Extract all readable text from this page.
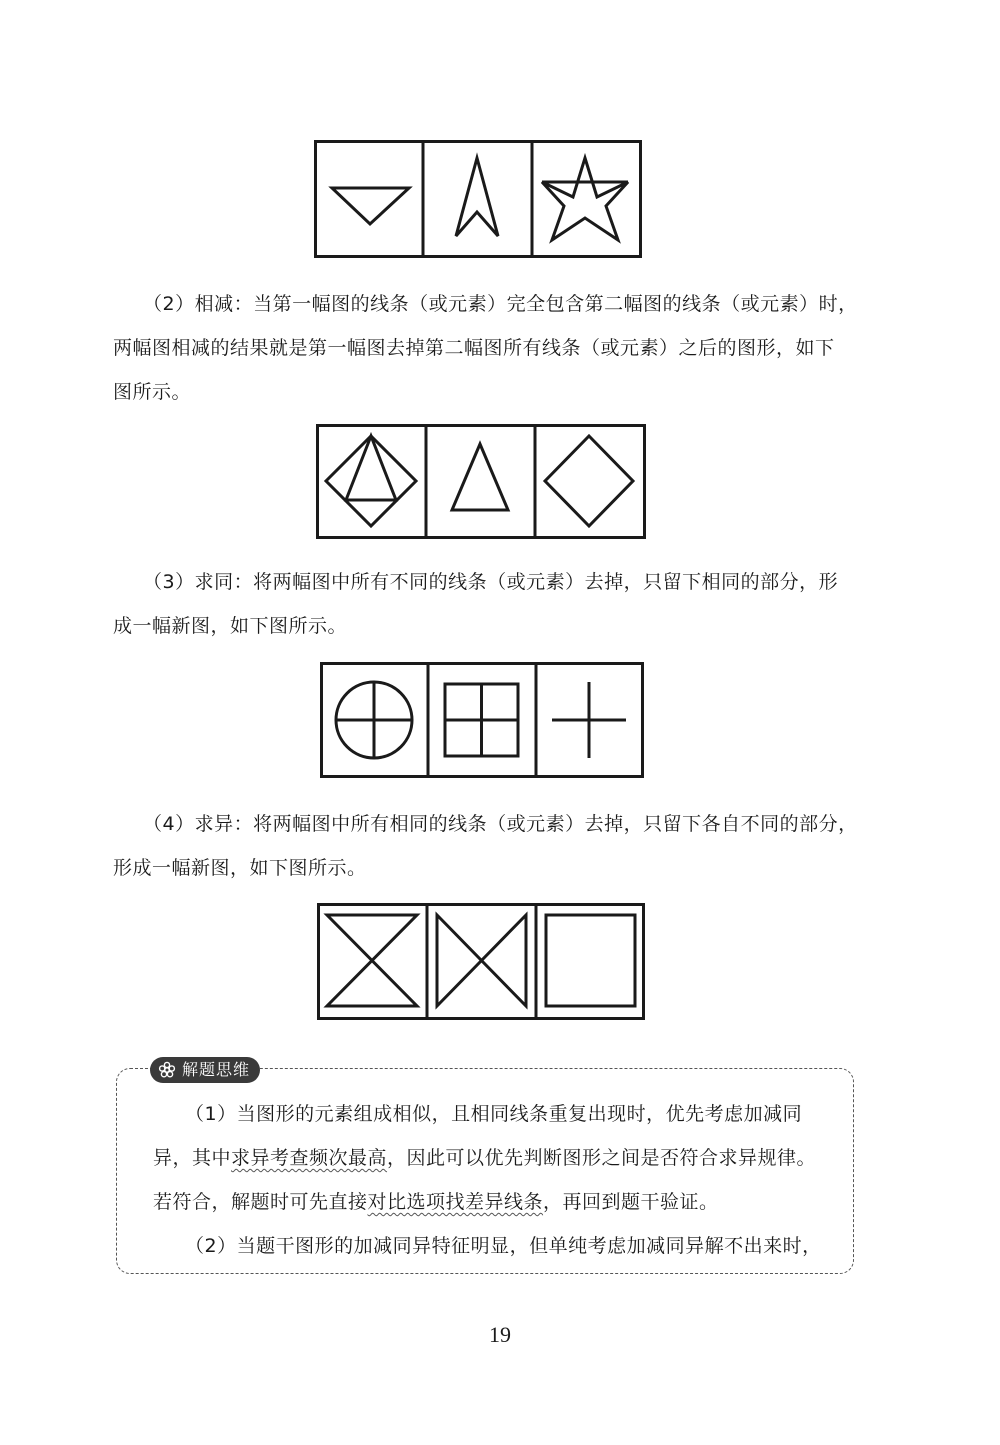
（2）相减：当第一幅图的线条（或元素）完全包含第二幅图的线条（或元素）时，
两幅图相减的结果就是第一幅图去掉第二幅图所有线条（或元素）之后的图形，如下
图所示。

（3）求同：将两幅图中所有不同的线条（或元素）去掉，只留下相同的部分，形
成一幅新图，如下图所示。

（4）求异：将两幅图中所有相同的线条（或元素）去掉，只留下各自不同的部分，
形成一幅新图，如下图所示。

解题思维

（1）当图形的元素组成相似，且相同线条重复出现时，优先考虑加减同
异，其中求异考查频次最高，因此可以优先判断图形之间是否符合求异规律。
若符合，解题时可先直接对比选项找差异线条，再回到题干验证。
（2）当题干图形的加减同异特征明显，但单纯考虑加减同异解不出来时，

19
